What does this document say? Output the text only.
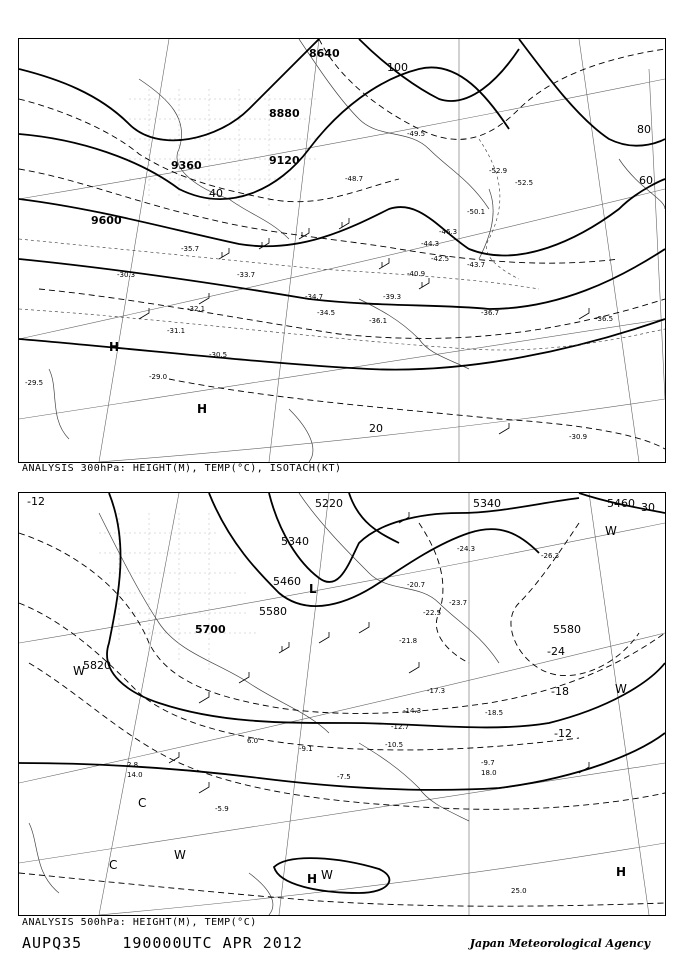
8640
8880
9120
9360
9600
20
40
60
80
100
H
H
-52.9
-52.5
-50.1
-49.5
-48.7
-46.3
-44.3
-43.7
-42.5
-40.9
-39.3
-36.7
-36.5
-36.1
-35.7
-34.7
-34.5
-33.7
-32.1
-31.1
-30.9
-30.5
-30.3
-29.5
-29.0
ANALYSIS 300hPa: HEIGHT(M), TEMP(°C), ISOTACH(KT)
5220
5340
5340
5460
5460
5580
5580
5700
5820
-12
-18
-24
-30
-12
L
H	H
C
C
W
W
W
W
W
-26.3
-24.3
-23.7
-22.5
-21.8
-20.7
-18.5
-17.3
-14.3
-12.7
-10.5
-9.7
-9.1
-7.5
-5.9
2.8
6.0
14.0	18.0
25.0
ANALYSIS 500hPa: HEIGHT(M), TEMP(°C)
AUPQ35	190000UTC APR 2012	Japan Meteorological Agency
